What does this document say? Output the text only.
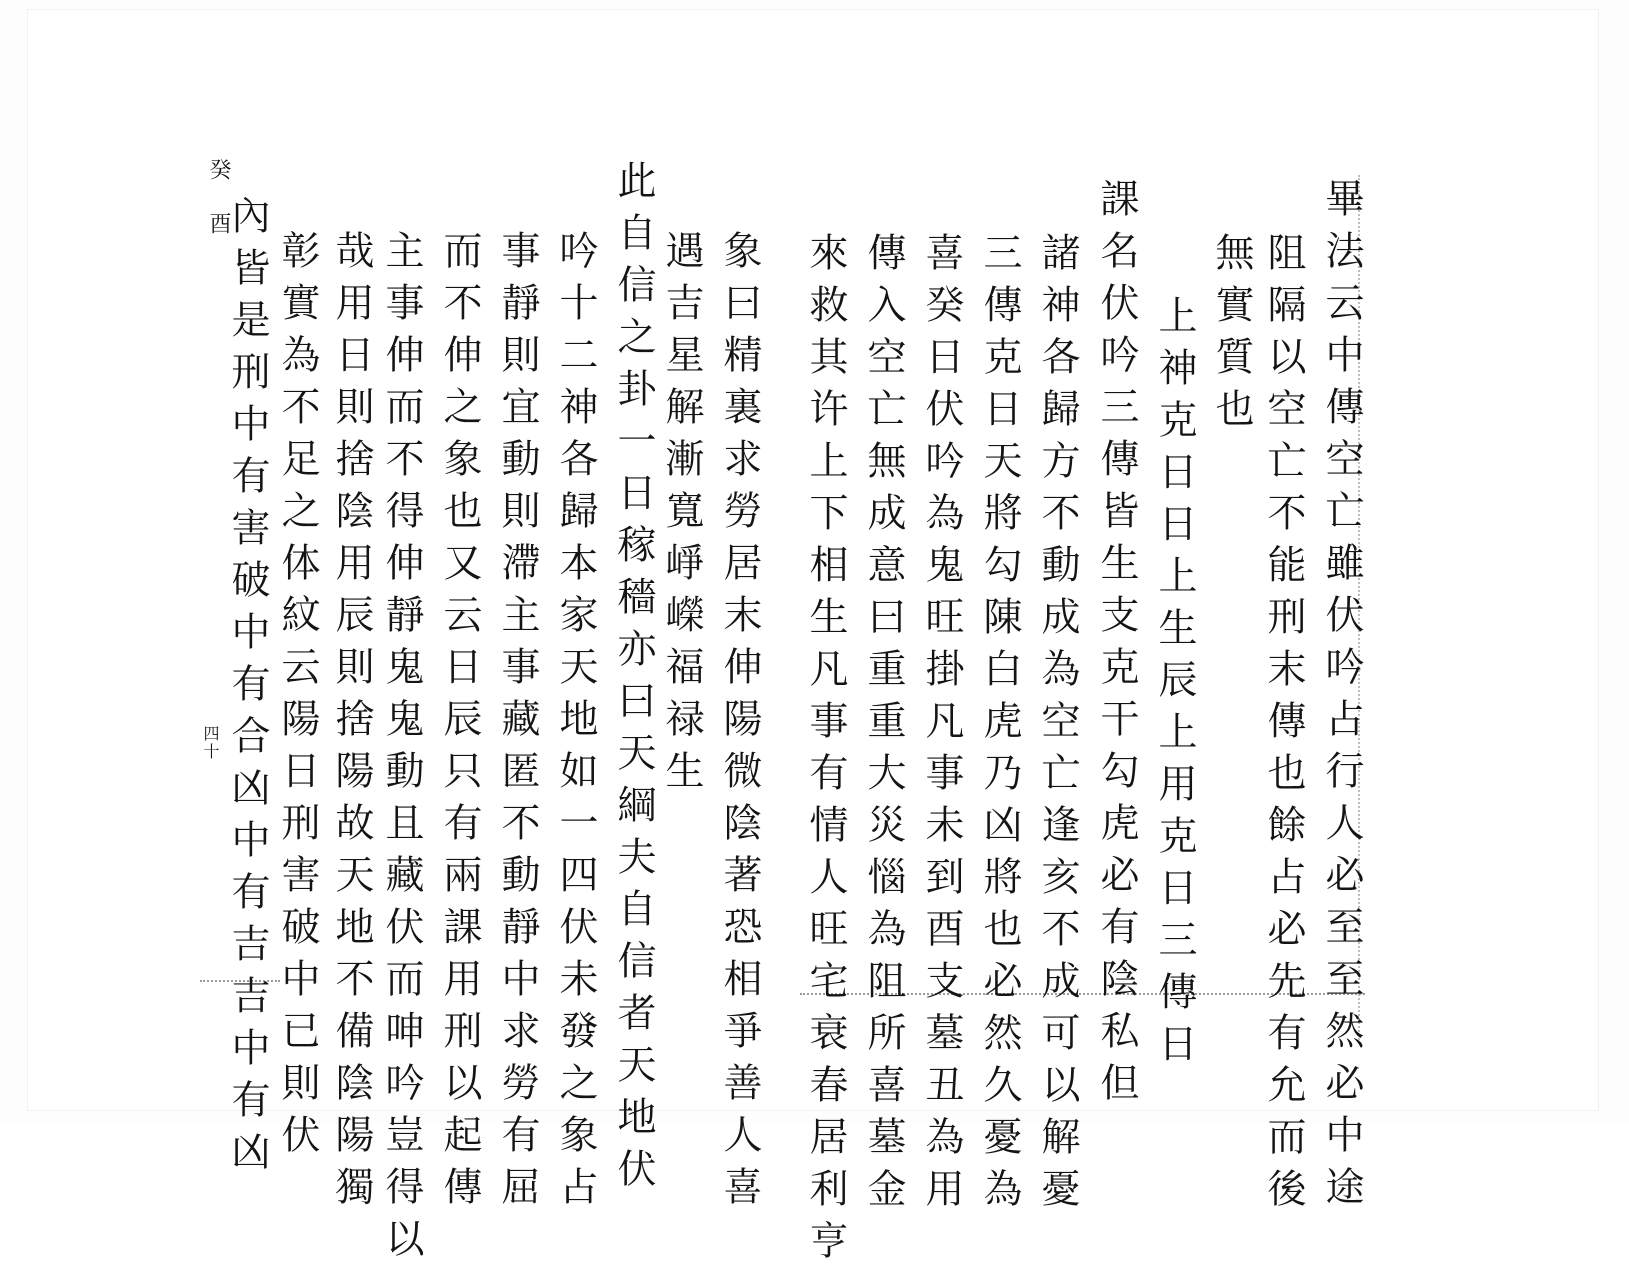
畢法云中傳空亡雖伏吟占行人必至至然必中途
阻隔以空亡不能刑末傳也餘占必先有允而後
無實質也
上神克日日上生辰上用克日三傳日
課名伏吟三傳皆生支克干勾虎必有陰私但
諸神各歸方不動成為空亡逢亥不成可以解憂
三傳克日天將勾陳白虎乃凶將也必然久憂為
喜癸日伏吟為鬼旺掛凡事未到酉支墓丑為用
傳入空亡無成意曰重重大災惱為阻所喜墓金
來救其许上下相生凡事有情人旺宅衰春居利亨
象曰精裏求勞居末伸陽微陰著恐相爭善人喜
遇吉星解漸寬崢嶸福禄生
此自信之卦一日稼穡亦曰天綱夫自信者天地伏
吟十二神各歸本家天地如一四伏未發之象占
事靜則宜動則滯主事藏匿不動靜中求勞有屈
而不伸之象也又云日辰只有兩課用刑以起傳
主事伸而不得伸靜鬼鬼動且藏伏而呻吟豈得以
哉用日則捨陰用辰則捨陽故天地不備陰陽獨
彰實為不足之体紋云陽日刑害破中已則伏
內皆是刑中有害破中有合凶中有吉吉中有凶
癸
酉
四十
